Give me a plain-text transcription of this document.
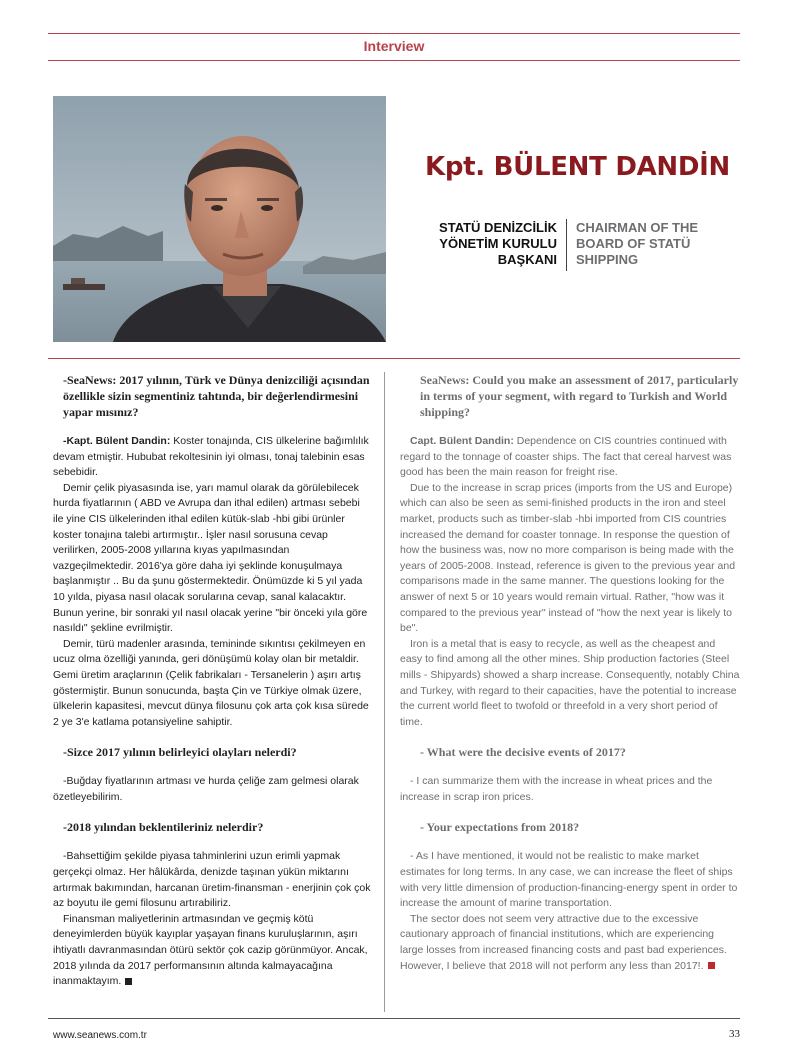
Interview
Kpt. BÜLENT DANDİN
STATÜ DENİZCİLİK
YÖNETİM KURULU
BAŞKANI
CHAIRMAN OF THE
BOARD OF STATÜ
SHIPPING
-SeaNews: 2017 yılının, Türk ve Dünya denizciliği açısından özellikle sizin segmentiniz tahtında, bir değerlendirmesini yapar mısınız?

-Kapt. Bülent Dandin: Koster tonajında, CIS ülkelerine bağımlılık devam etmiştir. Hububat rekoltesinin iyi olması, tonaj talebinin esas sebebidir.

Demir çelik piyasasında ise, yarı mamul olarak da görülebilecek hurda fiyatlarının ( ABD ve Avrupa dan ithal edilen) artması sebebi ile yine CIS ülkelerinden ithal edilen kütük-slab -hbi gibi ürünler koster tonajına talebi artırmıştır.. İşler nasıl sorusuna cevap verilirken, 2005-2008 yıllarına kıyas yapılmasından vazgeçilmektedir. 2016'ya göre daha iyi şeklinde konuşulmaya başlanmıştır .. Bu da şunu göstermektedir. Önümüzde ki 5 yıl yada 10 yılda, piyasa nasıl olacak sorularına cevap, sanal kalacaktır. Bunun yerine, bir sonraki yıl nasıl olacak yerine "bir önceki yıla göre nasıldı" şekline evrilmiştir.

Demir, türü madenler arasında, temininde sıkıntısı çekilmeyen en ucuz olma özelliği yanında, geri dönüşümü kolay olan bir metaldir. Gemi üretim araçlarının (Çelik fabrikaları - Tersanelerin ) aşırı artış göstermiştir. Bunun sonucunda, başta Çin ve Türkiye olmak üzere, ülkelerin kapasitesi, mevcut dünya filosunu çok arta çok kısa sürede 2 ye 3'e katlama potansiyeline sahiptir.

-Sizce 2017 yılının belirleyici olayları nelerdi?

-Buğday fiyatlarının artması ve hurda çeliğe zam gelmesi olarak özetleyebilirim.

-2018 yılından beklentileriniz nelerdir?

-Bahsettiğim şekilde piyasa tahminlerini uzun erimli yapmak gerçekçi olmaz. Her hâlükârda, denizde taşınan yükün miktarını artırmak bakımından, harcanan üretim-finansman - enerjinin çok çok az boyutu ile gemi filosunu artırabiliriz.

Finansman maliyetlerinin artmasından ve geçmiş kötü deneyimlerden büyük kayıplar yaşayan finans kuruluşlarının, aşırı ihtiyatlı davranmasından ötürü sektör çok cazip görünmüyor. Ancak, 2018 yılında da 2017 performansının altında kalmayacağına inanmaktayım.

SeaNews: Could you make an assessment of 2017, particularly in terms of your segment, with regard to Turkish and World shipping?

Capt. Bülent Dandin: Dependence on CIS countries continued with regard to the tonnage of coaster ships. The fact that cereal harvest was good has been the main reason for freight rise.

Due to the increase in scrap prices (imports from the US and Europe) which can also be seen as semi-finished products in the iron and steel market, products such as timber-slab -hbi imported from CIS countries increased the demand for coaster tonnage. In response the question of how the business was, now no more comparison is being made with the years of 2005-2008. Instead, reference is given to the previous year and comparisons made in the same manner. The questions looking for the answer of next 5 or 10 years would remain virtual. Rather, "how was it compared to the previous year" instead of "how the next year is likely to be".

Iron is a metal that is easy to recycle, as well as the cheapest and easy to find among all the other mines. Ship production factories (Steel mills - Shipyards) showed a sharp increase. Consequently, notably China and Turkey, with regard to their capacities, have the potential to increase the current world fleet to twofold or threefold in a very short period of time.

- What were the decisive events of 2017?

- I can summarize them with the increase in wheat prices and the increase in scrap iron prices.

- Your expectations from 2018?

- As I have mentioned, it would not be realistic to make market estimates for long terms. In any case, we can increase the fleet of ships with very little dimension of production-financing-energy spent in order to increase the amount of marine transportation.

The sector does not seem very attractive due to the excessive cautionary approach of financial institutions, which are experiencing large losses from increased financing costs and past bad experiences. However, I believe that 2018 will not perform any less than 2017!.

www.seanews.com.tr	33
